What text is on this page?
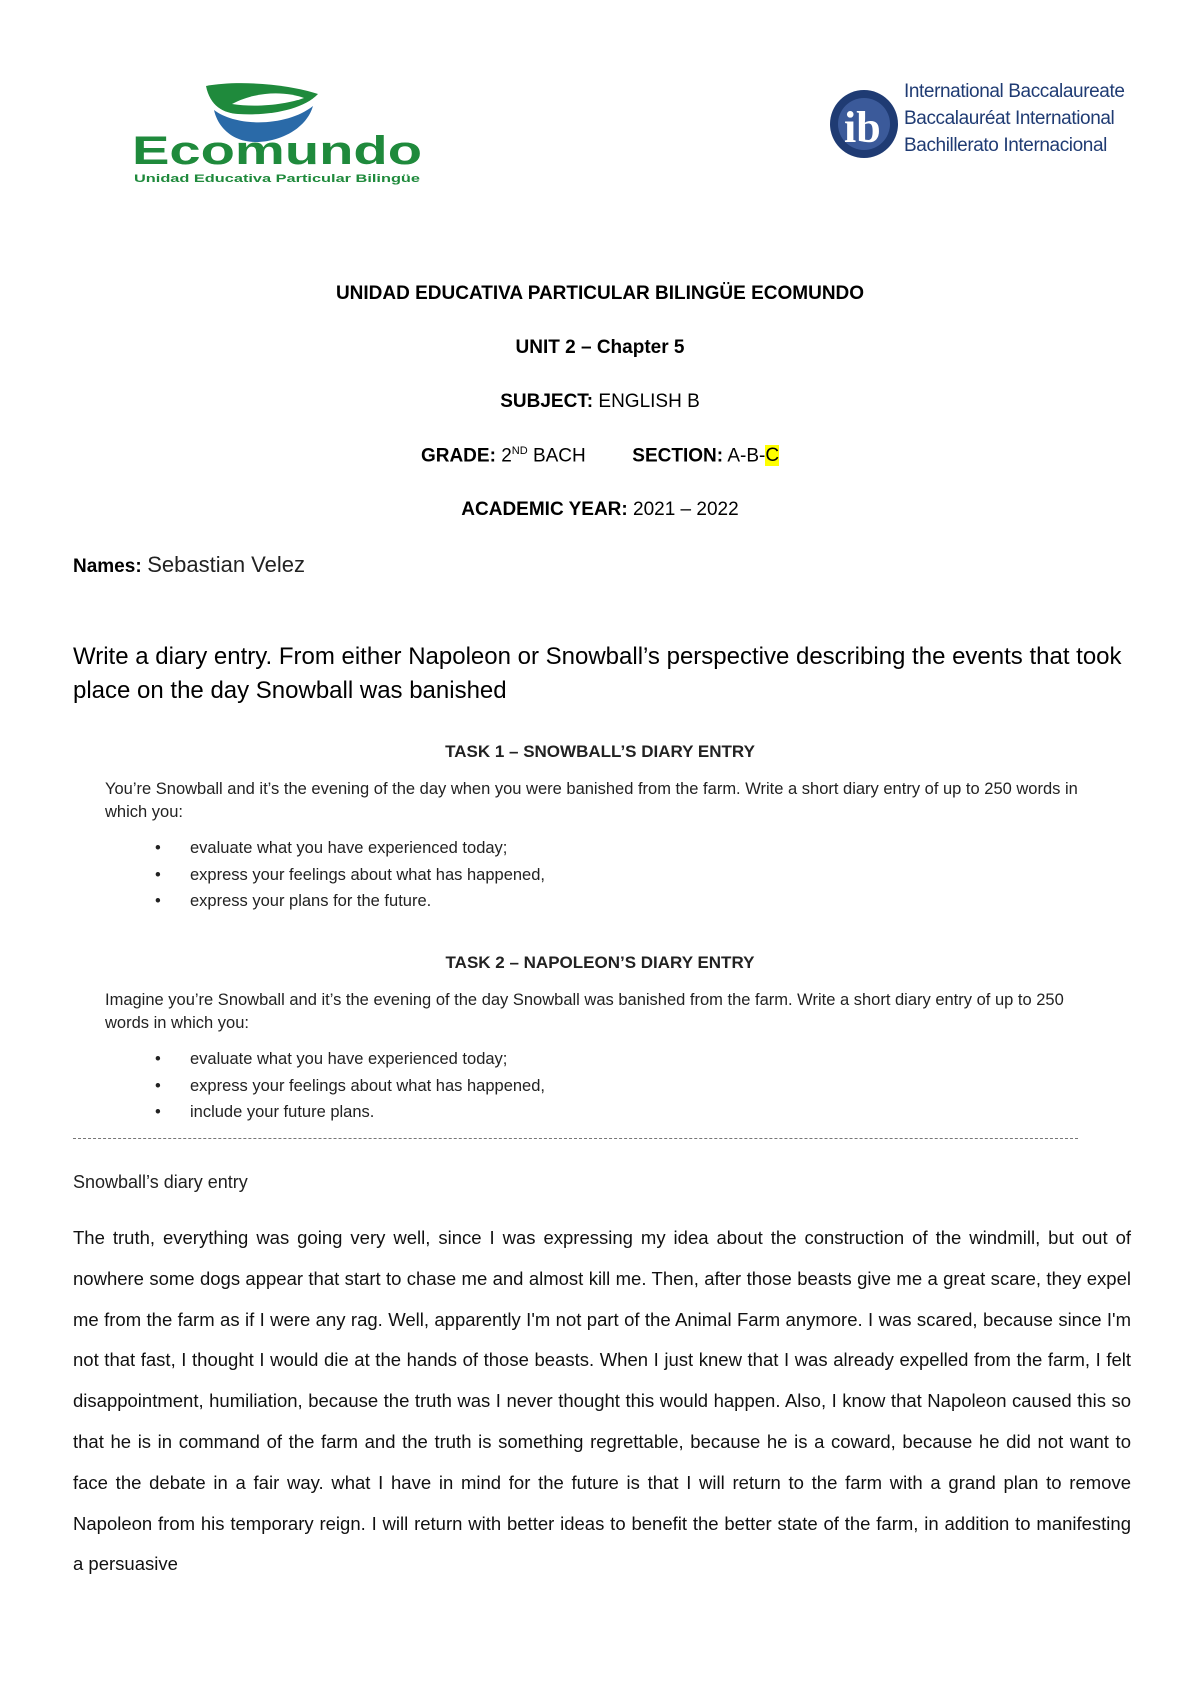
Ecomundo
Unidad Educativa Particular Bilingüe
ib
International Baccalaureate
Baccalauréat International
Bachillerato Internacional
UNIDAD EDUCATIVA PARTICULAR BILINGÜE ECOMUNDO
UNIT 2 – Chapter 5
SUBJECT: ENGLISH B
GRADE: 2ND BACH SECTION: A-B-C
ACADEMIC YEAR: 2021 – 2022
Names: Sebastian Velez
Write a diary entry. From either Napoleon or Snowball’s perspective describing the events that took place on the day Snowball was banished
TASK 1 – SNOWBALL’S DIARY ENTRY
You’re Snowball and it’s the evening of the day when you were banished from the farm. Write a short diary entry of up to 250 words in which you:
• evaluate what you have experienced today;
• express your feelings about what has happened,
• express your plans for the future.
TASK 2 – NAPOLEON’S DIARY ENTRY
Imagine you’re Snowball and it’s the evening of the day Snowball was banished from the farm. Write a short diary entry of up to 250 words in which you:
• evaluate what you have experienced today;
• express your feelings about what has happened,
• include your future plans.
Snowball’s diary entry
The truth, everything was going very well, since I was expressing my idea about the construction of the windmill, but out of nowhere some dogs appear that start to chase me and almost kill me. Then, after those beasts give me a great scare, they expel me from the farm as if I were any rag. Well, apparently I'm not part of the Animal Farm anymore. I was scared, because since I'm not that fast, I thought I would die at the hands of those beasts. When I just knew that I was already expelled from the farm, I felt disappointment, humiliation, because the truth was I never thought this would happen. Also, I know that Napoleon caused this so that he is in command of the farm and the truth is something regrettable, because he is a coward, because he did not want to face the debate in a fair way. what I have in mind for the future is that I will return to the farm with a grand plan to remove Napoleon from his temporary reign. I will return with better ideas to benefit the better state of the farm, in addition to manifesting a persuasive
